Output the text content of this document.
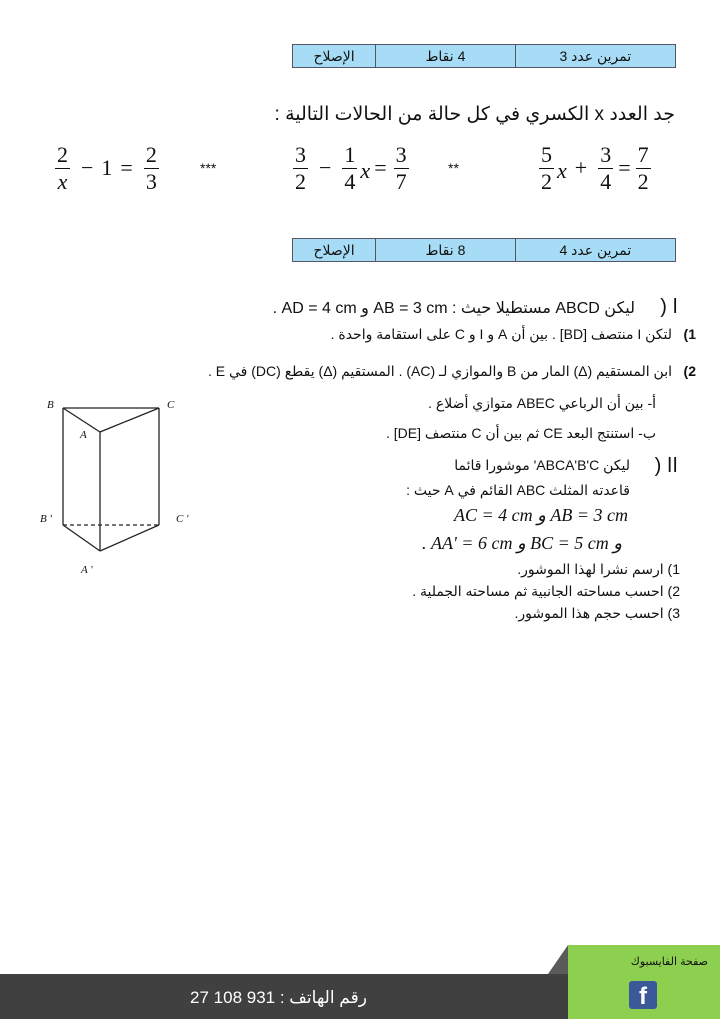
الإصلاح	4 نقاط	تمرين عدد 3
جد العدد x الكسري في كل حالة من الحالات التالية :
$\frac{5}{2}$ $x + \frac{3}{4} = \frac{7}{2}$
**
$\frac{3}{2} - \frac{1}{4}$ $x = \frac{3}{7}$
***
$\frac{2}{x} - 1 = \frac{2}{3}$
الإصلاح	8 نقاط	تمرين عدد 4
ا (
ليكن ABCD مستطيلا حيث : AB = 3 cm و AD = 4 cm .
1)
لتكن I منتصف [BD] . بين أن A و I و C على استقامة واحدة .
2)
ابن المستقيم (Δ) المار من B والموازي لـ (AC) . المستقيم (Δ) يقطع (DC) في E .
أ- بين أن الرباعي ABEC متوازي أضلاع .
ب- استنتج البعد CE ثم بين أن C منتصف [DE] .
اا (
ليكن ABCA'B'C' موشورا قائما
قاعدته المثلث ABC القائم في A حيث :
AB = 3 cm و AC = 4 cm
و BC = 5 cm و AA' = 6 cm .
1) ارسم نشرا لهذا الموشور.
2) احسب مساحته الجانبية ثم مساحته الجملية .
3) احسب حجم هذا الموشور.
B	C
A
B '	C '
A '
رقم الهاتف : 931 108 27
صفحة الفايسبوك
f
